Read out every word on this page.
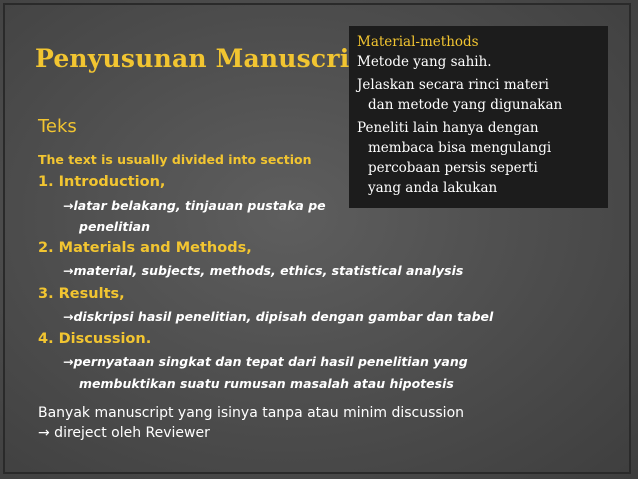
Penyusunan Manuscri
Teks
The text is usually divided into section
1. Introduction,
→latar belakang, tinjauan pustaka pe
penelitian
2. Materials and Methods,
→material, subjects, methods, ethics, statistical analysis
3. Results,
→diskripsi hasil penelitian, dipisah dengan gambar dan tabel
4. Discussion.
→pernyataan singkat dan tepat dari hasil penelitian yang
membuktikan suatu rumusan masalah atau hipotesis
Banyak manuscript yang isinya tanpa atau minim discussion
→ direject oleh Reviewer
Material-methods
Metode yang sahih.
Jelaskan secara rinci materi
dan metode yang digunakan
Peneliti lain hanya dengan
membaca bisa mengulangi
percobaan persis seperti
yang anda lakukan
